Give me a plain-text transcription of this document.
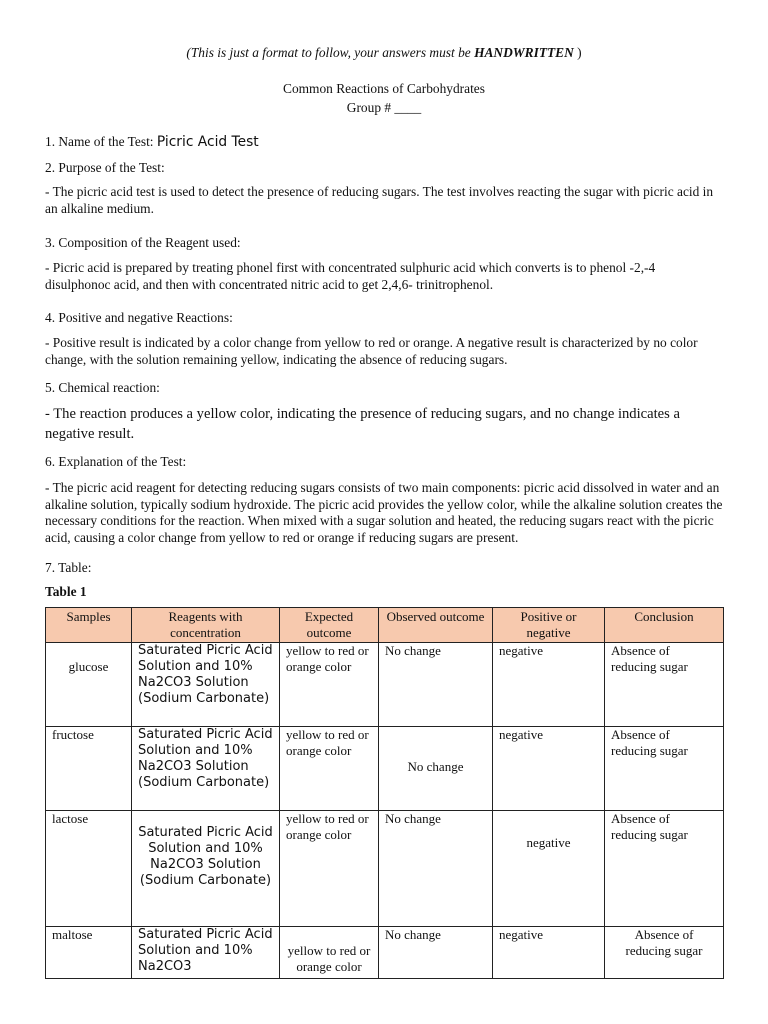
(This is just a format to follow, your answers must be HANDWRITTEN )
Common Reactions of Carbohydrates
Group # ____
1. Name of the Test: Picric Acid Test
2. Purpose of the Test:
- The picric acid test is used to detect the presence of reducing sugars. The test involves reacting the sugar with picric acid in an alkaline medium.
3. Composition of the Reagent used:
- Picric acid is prepared by treating phonel first with concentrated sulphuric acid which converts is to phenol -2,-4 disulphonoc acid, and then with concentrated nitric acid to get 2,4,6- trinitrophenol.
4. Positive and negative Reactions:
- Positive result is indicated by a color change from yellow to red or orange. A negative result is characterized by no color change, with the solution remaining yellow, indicating the absence of reducing sugars.
5. Chemical reaction:
- The reaction produces a yellow color, indicating the presence of reducing sugars, and no change indicates a negative result.
6. Explanation of the Test:
- The picric acid reagent for detecting reducing sugars consists of two main components: picric acid dissolved in water and an alkaline solution, typically sodium hydroxide. The picric acid provides the yellow color, while the alkaline solution creates the necessary conditions for the reaction. When mixed with a sugar solution and heated, the reducing sugars react with the picric acid, causing a color change from yellow to red or orange if reducing sugars are present.
7. Table:
Table 1
Samples	Reagents with concentration	Expected outcome	Observed outcome	Positive or negative	Conclusion
glucose	Saturated Picric Acid Solution and 10% Na2CO3 Solution (Sodium Carbonate)	yellow to red or orange color	No change	negative	Absence of reducing sugar
fructose	Saturated Picric Acid Solution and 10% Na2CO3 Solution (Sodium Carbonate)	yellow to red or orange color	No change	negative	Absence of reducing sugar
lactose	Saturated Picric Acid Solution and 10% Na2CO3 Solution (Sodium Carbonate)	yellow to red or orange color	No change	negative	Absence of reducing sugar
maltose	Saturated Picric Acid Solution and 10% Na2CO3	yellow to red or orange color	No change	negative	Absence of reducing sugar
